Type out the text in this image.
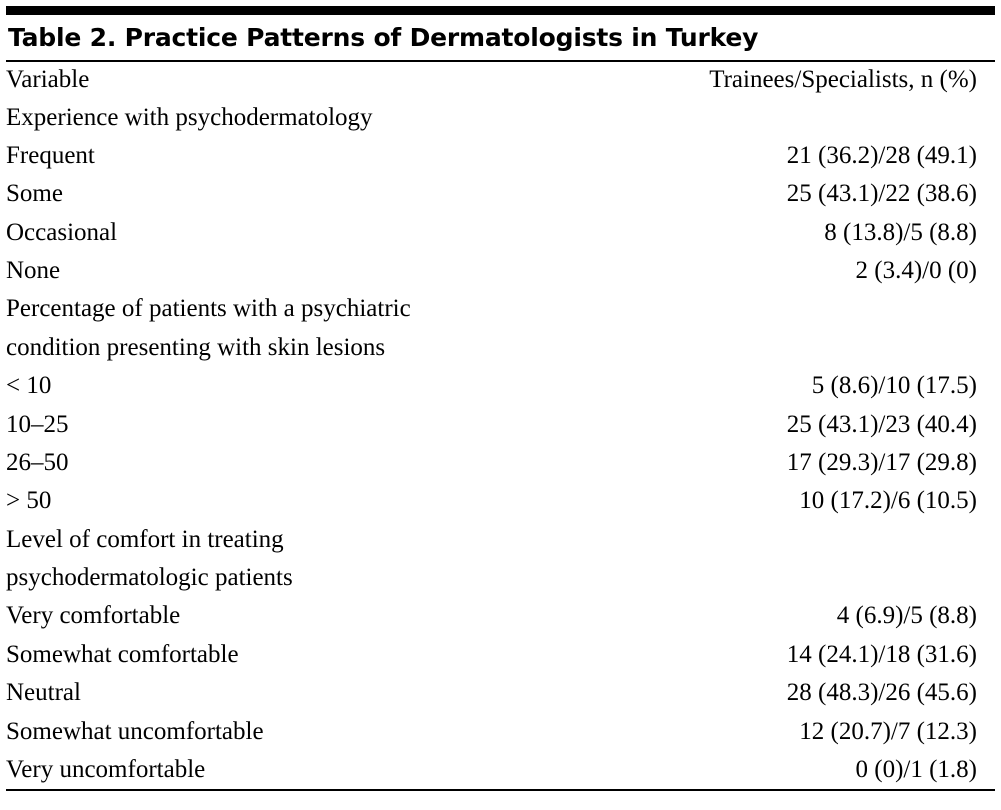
Table 2. Practice Patterns of Dermatologists in Turkey
Variable	Trainees/Specialists, n (%)
Experience with psychodermatology	
Frequent	21 (36.2)/28 (49.1)
Some	25 (43.1)/22 (38.6)
Occasional	8 (13.8)/5 (8.8)
None	2 (3.4)/0 (0)
Percentage of patients with a psychiatric	
condition presenting with skin lesions	
< 10	5 (8.6)/10 (17.5)
10–25	25 (43.1)/23 (40.4)
26–50	17 (29.3)/17 (29.8)
> 50	10 (17.2)/6 (10.5)
Level of comfort in treating	
psychodermatologic patients	
Very comfortable	4 (6.9)/5 (8.8)
Somewhat comfortable	14 (24.1)/18 (31.6)
Neutral	28 (48.3)/26 (45.6)
Somewhat uncomfortable	12 (20.7)/7 (12.3)
Very uncomfortable	0 (0)/1 (1.8)
